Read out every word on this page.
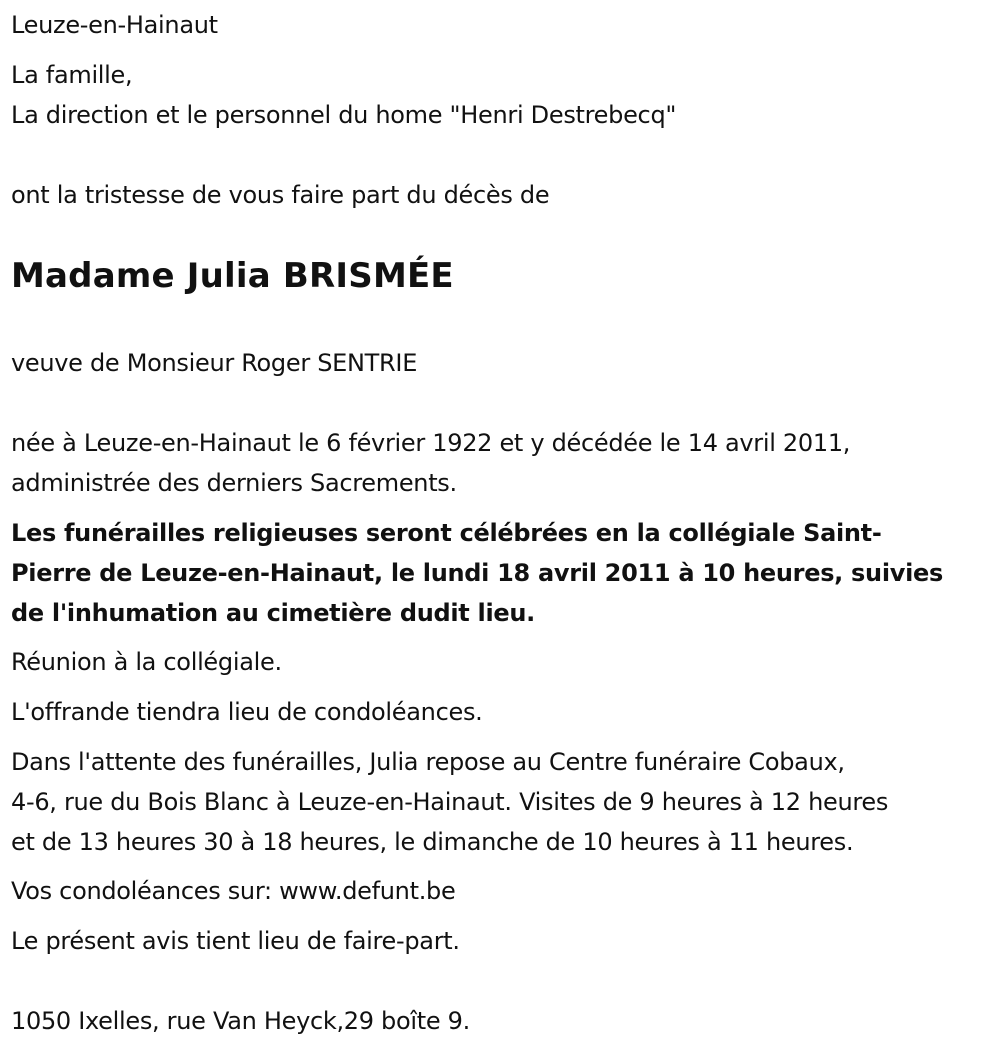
Leuze-en-Hainaut
La famille,
La direction et le personnel du home "Henri Destrebecq"
ont la tristesse de vous faire part du décès de
Madame Julia BRISMÉE
veuve de Monsieur Roger SENTRIE
née à Leuze-en-Hainaut le 6 février 1922 et y décédée le 14 avril 2011,
administrée des derniers Sacrements.
Les funérailles religieuses seront célébrées en la collégiale Saint-
Pierre de Leuze-en-Hainaut, le lundi 18 avril 2011 à 10 heures, suivies
de l'inhumation au cimetière dudit lieu.
Réunion à la collégiale.
L'offrande tiendra lieu de condoléances.
Dans l'attente des funérailles, Julia repose au Centre funéraire Cobaux,
4-6, rue du Bois Blanc à Leuze-en-Hainaut. Visites de 9 heures à 12 heures
et de 13 heures 30 à 18 heures, le dimanche de 10 heures à 11 heures.
Vos condoléances sur: www.defunt.be
Le présent avis tient lieu de faire-part.
1050 Ixelles, rue Van Heyck,29 boîte 9.
